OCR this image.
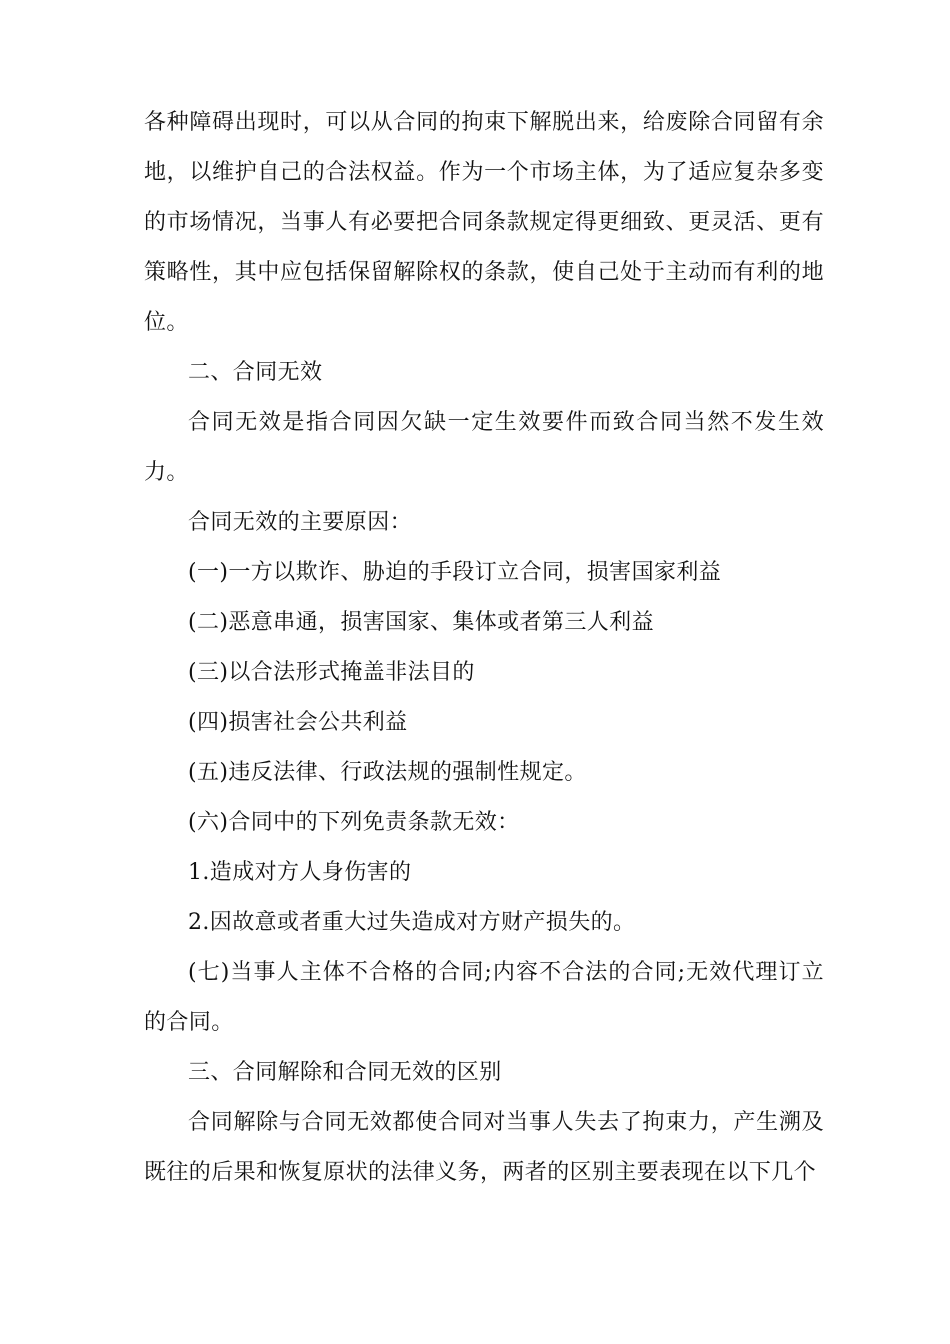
各种障碍出现时，可以从合同的拘束下解脱出来，给废除合同留有余地，以维护自己的合法权益。作为一个市场主体，为了适应复杂多变的市场情况，当事人有必要把合同条款规定得更细致、更灵活、更有策略性，其中应包括保留解除权的条款，使自己处于主动而有利的地位。

二、合同无效

合同无效是指合同因欠缺一定生效要件而致合同当然不发生效力。

合同无效的主要原因：

(一)一方以欺诈、胁迫的手段订立合同，损害国家利益

(二)恶意串通，损害国家、集体或者第三人利益

(三)以合法形式掩盖非法目的

(四)损害社会公共利益

(五)违反法律、行政法规的强制性规定。

(六)合同中的下列免责条款无效：

1.造成对方人身伤害的

2.因故意或者重大过失造成对方财产损失的。

(七)当事人主体不合格的合同;内容不合法的合同;无效代理订立的合同。

三、合同解除和合同无效的区别

合同解除与合同无效都使合同对当事人失去了拘束力，产生溯及既往的后果和恢复原状的法律义务，两者的区别主要表现在以下几个
